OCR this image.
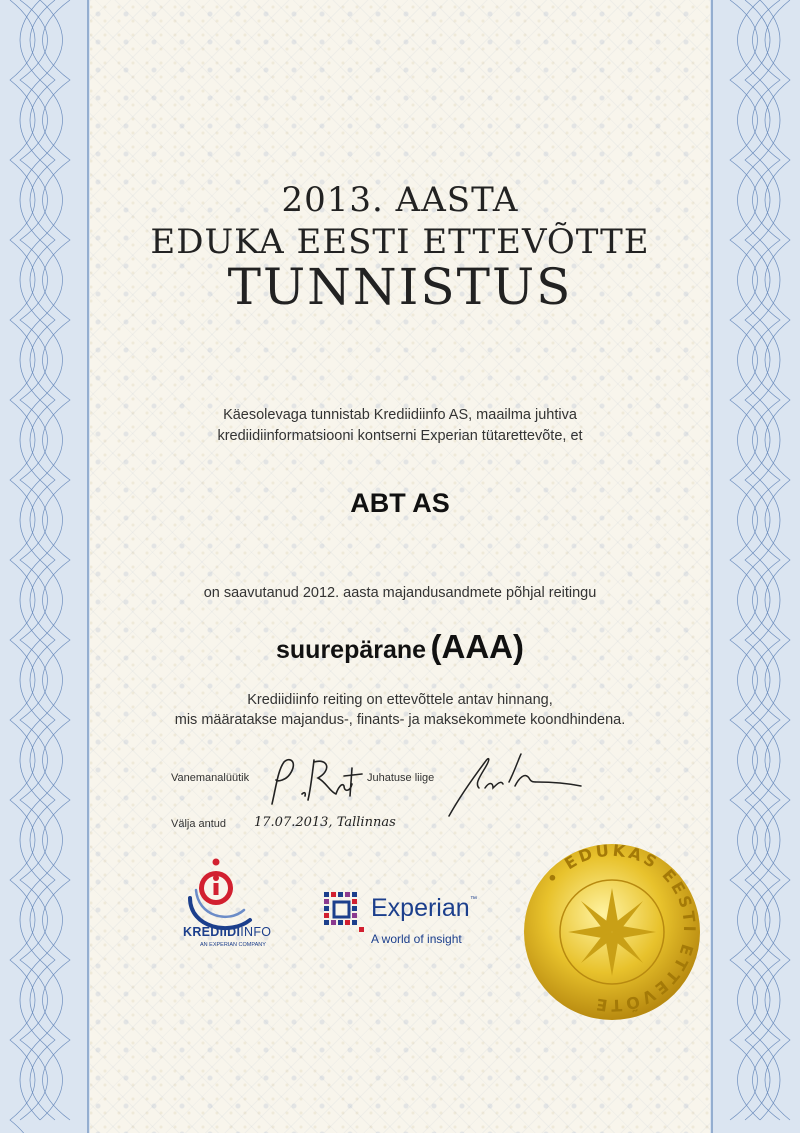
2013. AASTA
EDUKA EESTI ETTEVÕTTE
TUNNISTUS
Käesolevaga tunnistab Krediidiinfo AS, maailma juhtiva
krediidiinformatsiooni kontserni Experian tütarettevõte, et
ABT AS
on saavutanud 2012. aasta majandusandmete põhjal reitingu
suurepärane (AAA)
Krediidiinfo reiting on ettevõttele antav hinnang,
mis määratakse majandus-, finants- ja maksekommete koondhindena.
Vanemanalüütik	Juhatuse liige
Välja antud 17.07.2013, Tallinnas
KREDIIDIINFO
AN EXPERIAN COMPANY
Experian ™
A world of insight
• EDUKAS EESTI ETTEVÕTE
